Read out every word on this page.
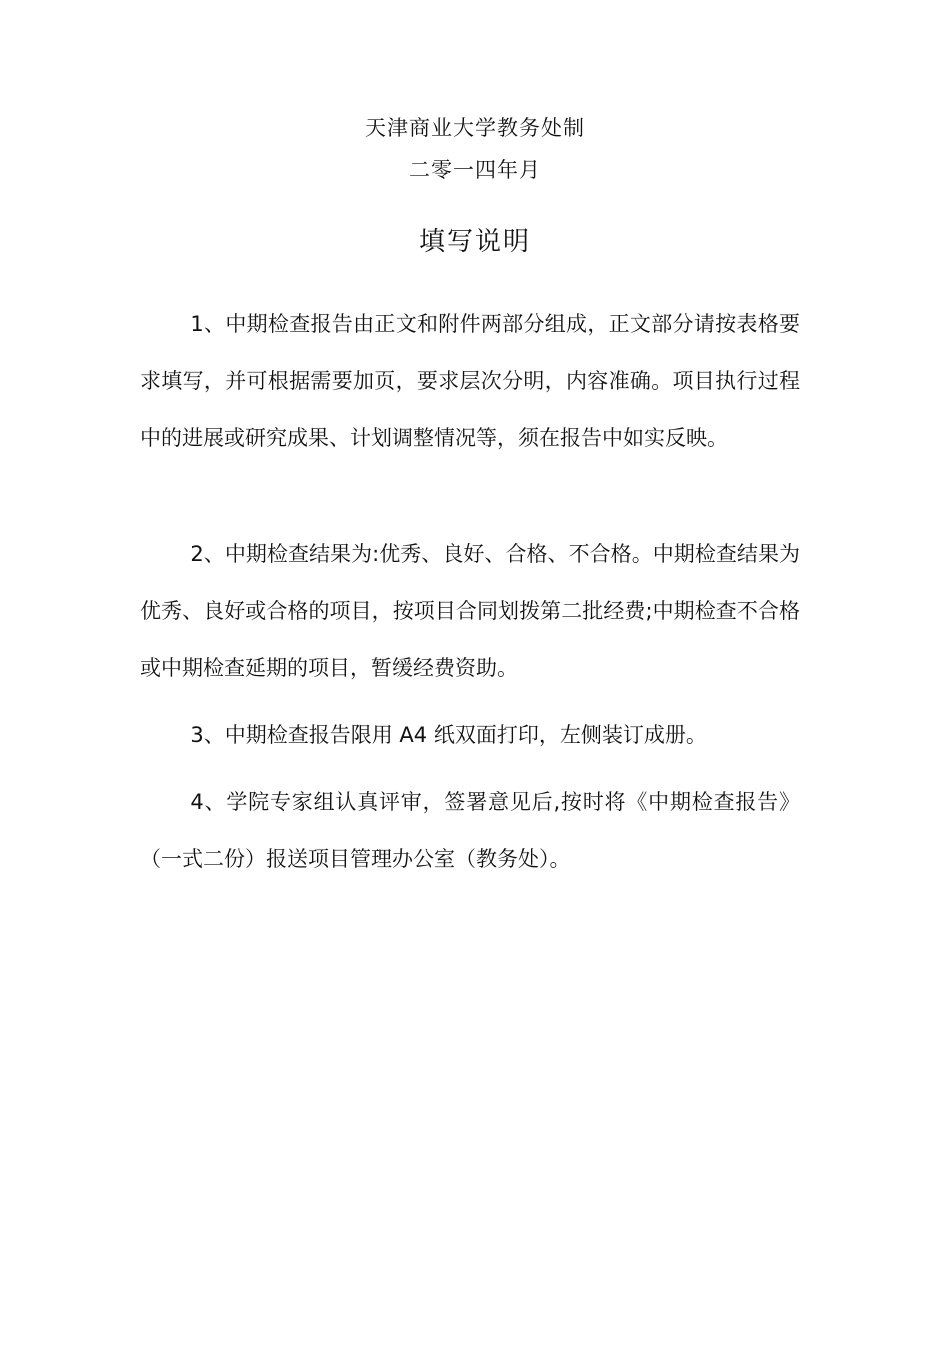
天津商业大学教务处制
二零一四年月
填写说明

1、中期检查报告由正文和附件两部分组成，正文部分请按表格要求填写，并可根据需要加页，要求层次分明，内容准确。项目执行过程中的进展或研究成果、计划调整情况等，须在报告中如实反映。

2、中期检查结果为:优秀、良好、合格、不合格。中期检查结果为优秀、良好或合格的项目，按项目合同划拨第二批经费;中期检查不合格或中期检查延期的项目，暂缓经费资助。

3、中期检查报告限用 A4 纸双面打印，左侧装订成册。

4、学院专家组认真评审，签署意见后,按时将《中期检查报告》（一式二份）报送项目管理办公室（教务处）。
